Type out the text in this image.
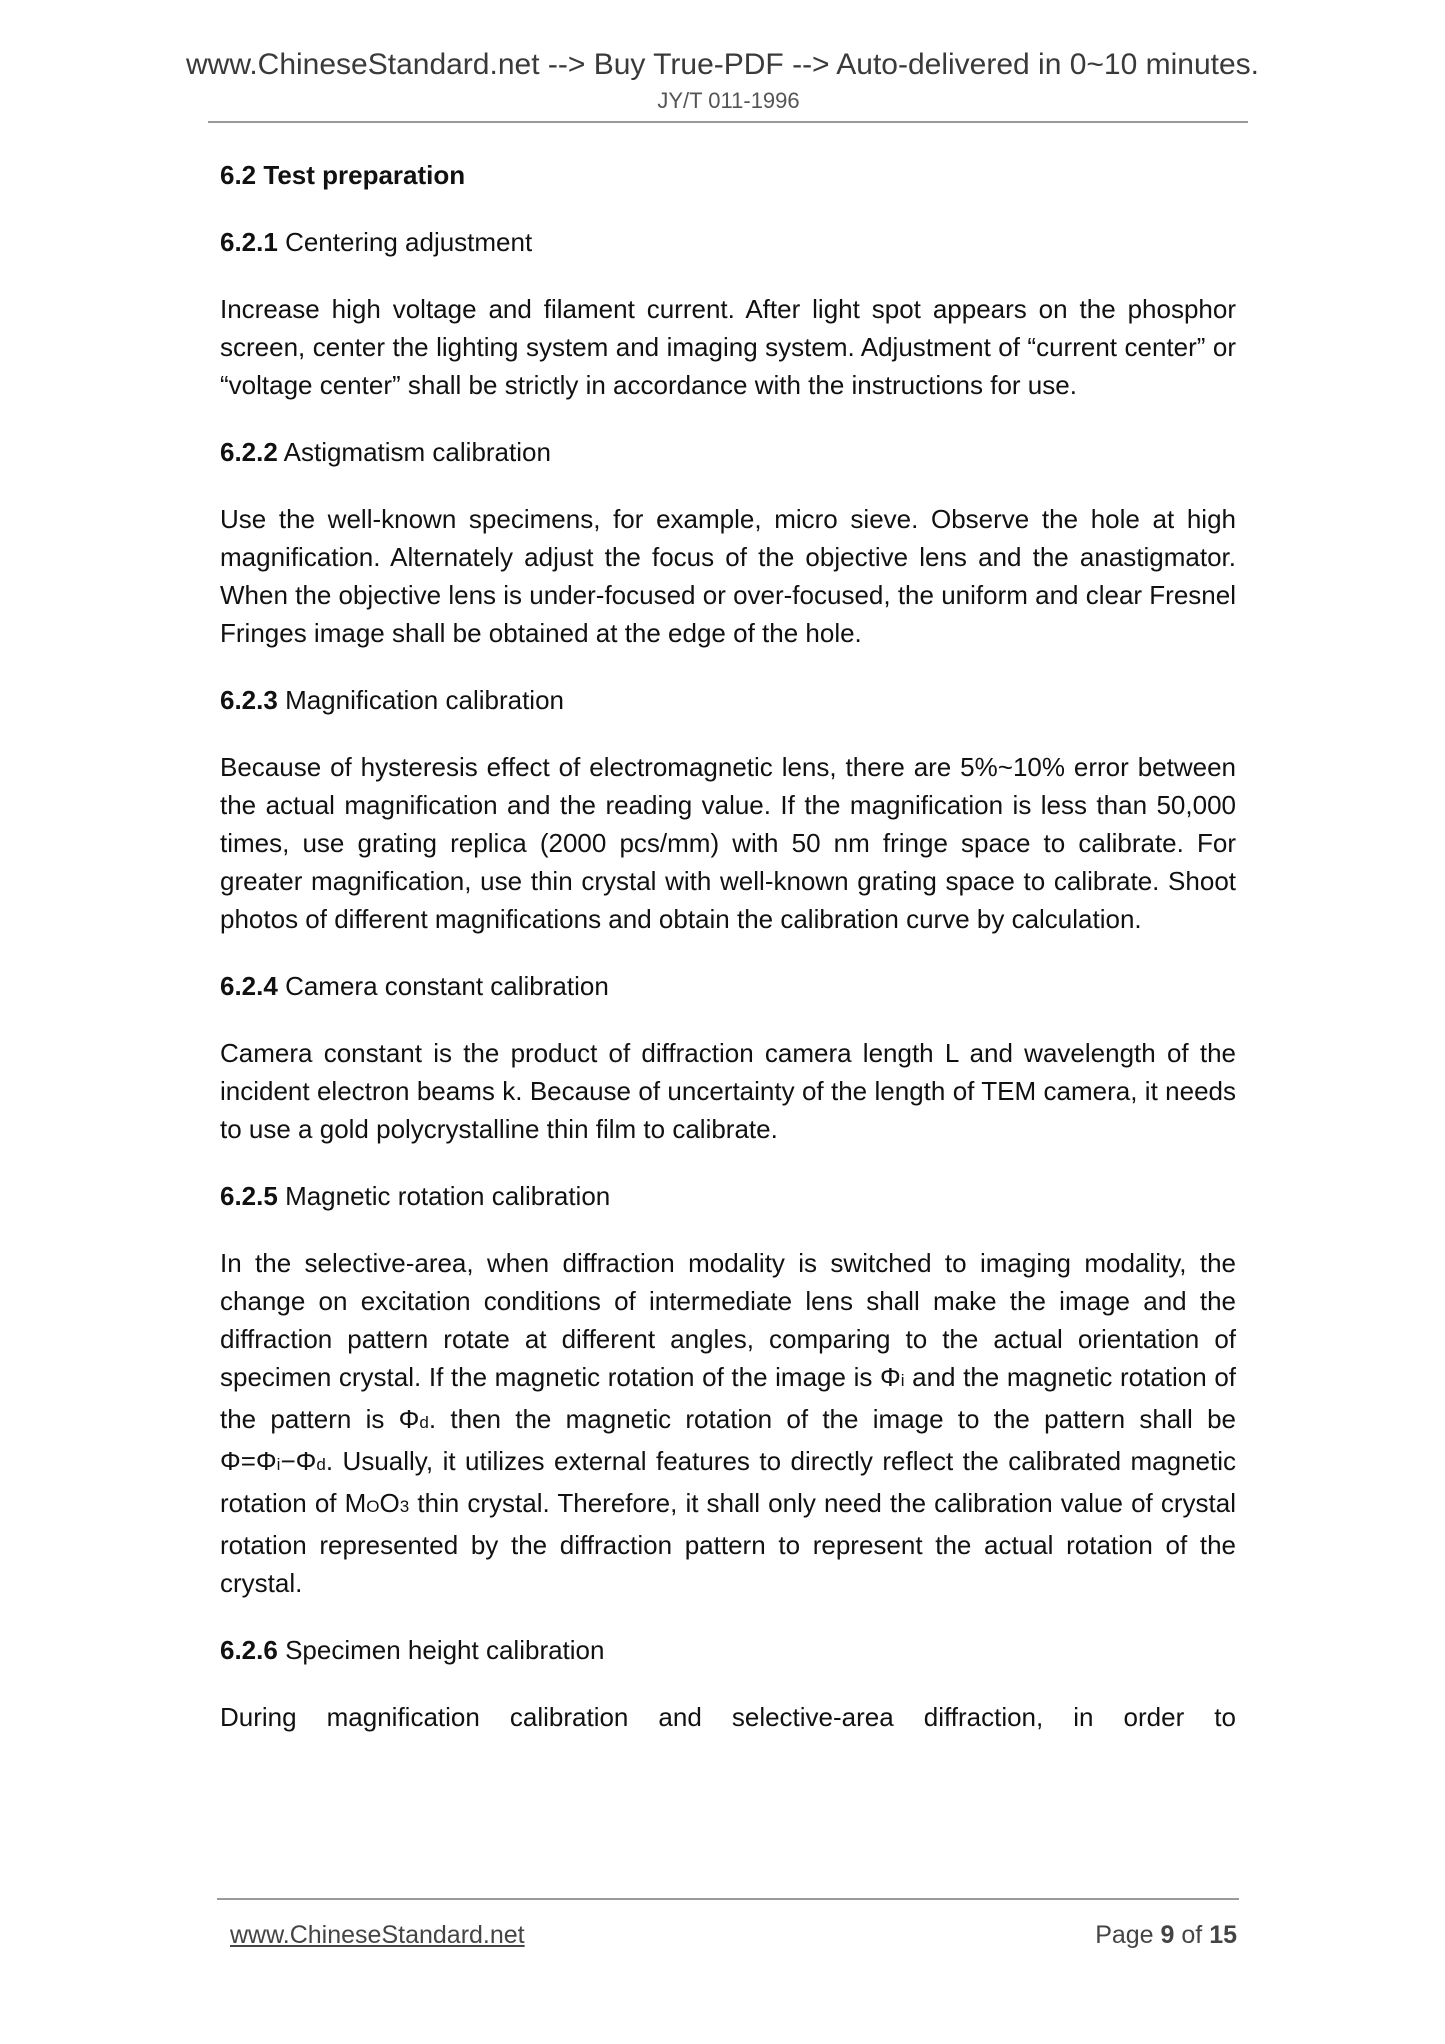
www.ChineseStandard.net --> Buy True-PDF --> Auto-delivered in 0~10 minutes.
JY/T 011-1996
6.2 Test preparation
6.2.1 Centering adjustment

Increase high voltage and filament current. After light spot appears on the phosphor screen, center the lighting system and imaging system. Adjustment of “current center” or “voltage center” shall be strictly in accordance with the instructions for use.

6.2.2 Astigmatism calibration

Use the well-known specimens, for example, micro sieve. Observe the hole at high magnification. Alternately adjust the focus of the objective lens and the anastigmator. When the objective lens is under-focused or over-focused, the uniform and clear Fresnel Fringes image shall be obtained at the edge of the hole.

6.2.3 Magnification calibration

Because of hysteresis effect of electromagnetic lens, there are 5%~10% error between the actual magnification and the reading value. If the magnification is less than 50,000 times, use grating replica (2000 pcs/mm) with 50 nm fringe space to calibrate. For greater magnification, use thin crystal with well-known grating space to calibrate. Shoot photos of different magnifications and obtain the calibration curve by calculation.

6.2.4 Camera constant calibration

Camera constant is the product of diffraction camera length L and wavelength of the incident electron beams k. Because of uncertainty of the length of TEM camera, it needs to use a gold polycrystalline thin film to calibrate.

6.2.5 Magnetic rotation calibration

In the selective-area, when diffraction modality is switched to imaging modality, the change on excitation conditions of intermediate lens shall make the image and the diffraction pattern rotate at different angles, comparing to the actual orientation of specimen crystal. If the magnetic rotation of the image is Φi and the magnetic rotation of the pattern is Φd. then the magnetic rotation of the image to the pattern shall be Φ=Φi−Φd. Usually, it utilizes external features to directly reflect the calibrated magnetic rotation of MOO3 thin crystal. Therefore, it shall only need the calibration value of crystal rotation represented by the diffraction pattern to represent the actual rotation of the crystal.

6.2.6 Specimen height calibration

During magnification calibration and selective-area diffraction, in order to

www.ChineseStandard.net	Page 9 of 15
